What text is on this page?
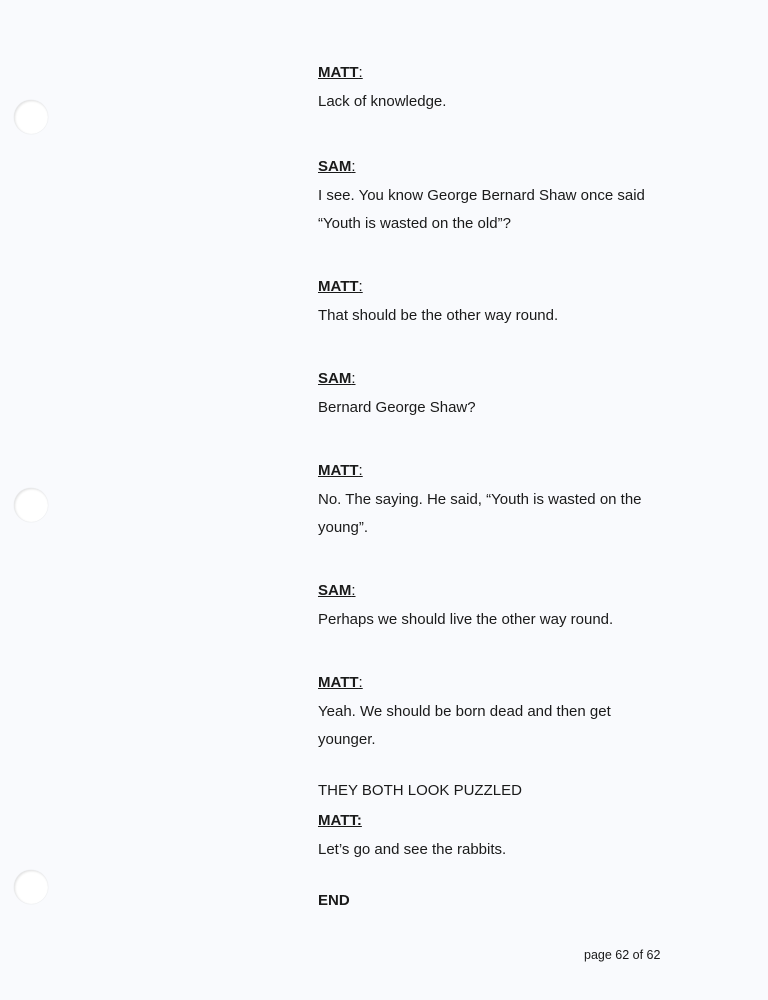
MATT:

Lack of knowledge.

SAM:

I see. You know George Bernard Shaw once said

“Youth is wasted on the old”?

MATT:

That should be the other way round.

SAM:

Bernard George Shaw?

MATT:

No. The saying. He said, “Youth is wasted on the

young”.

SAM:

Perhaps we should live the other way round.

MATT:

Yeah. We should be born dead and then get

younger.

THEY BOTH LOOK PUZZLED

MATT:

Let’s go and see the rabbits.

END

page 62 of 62
